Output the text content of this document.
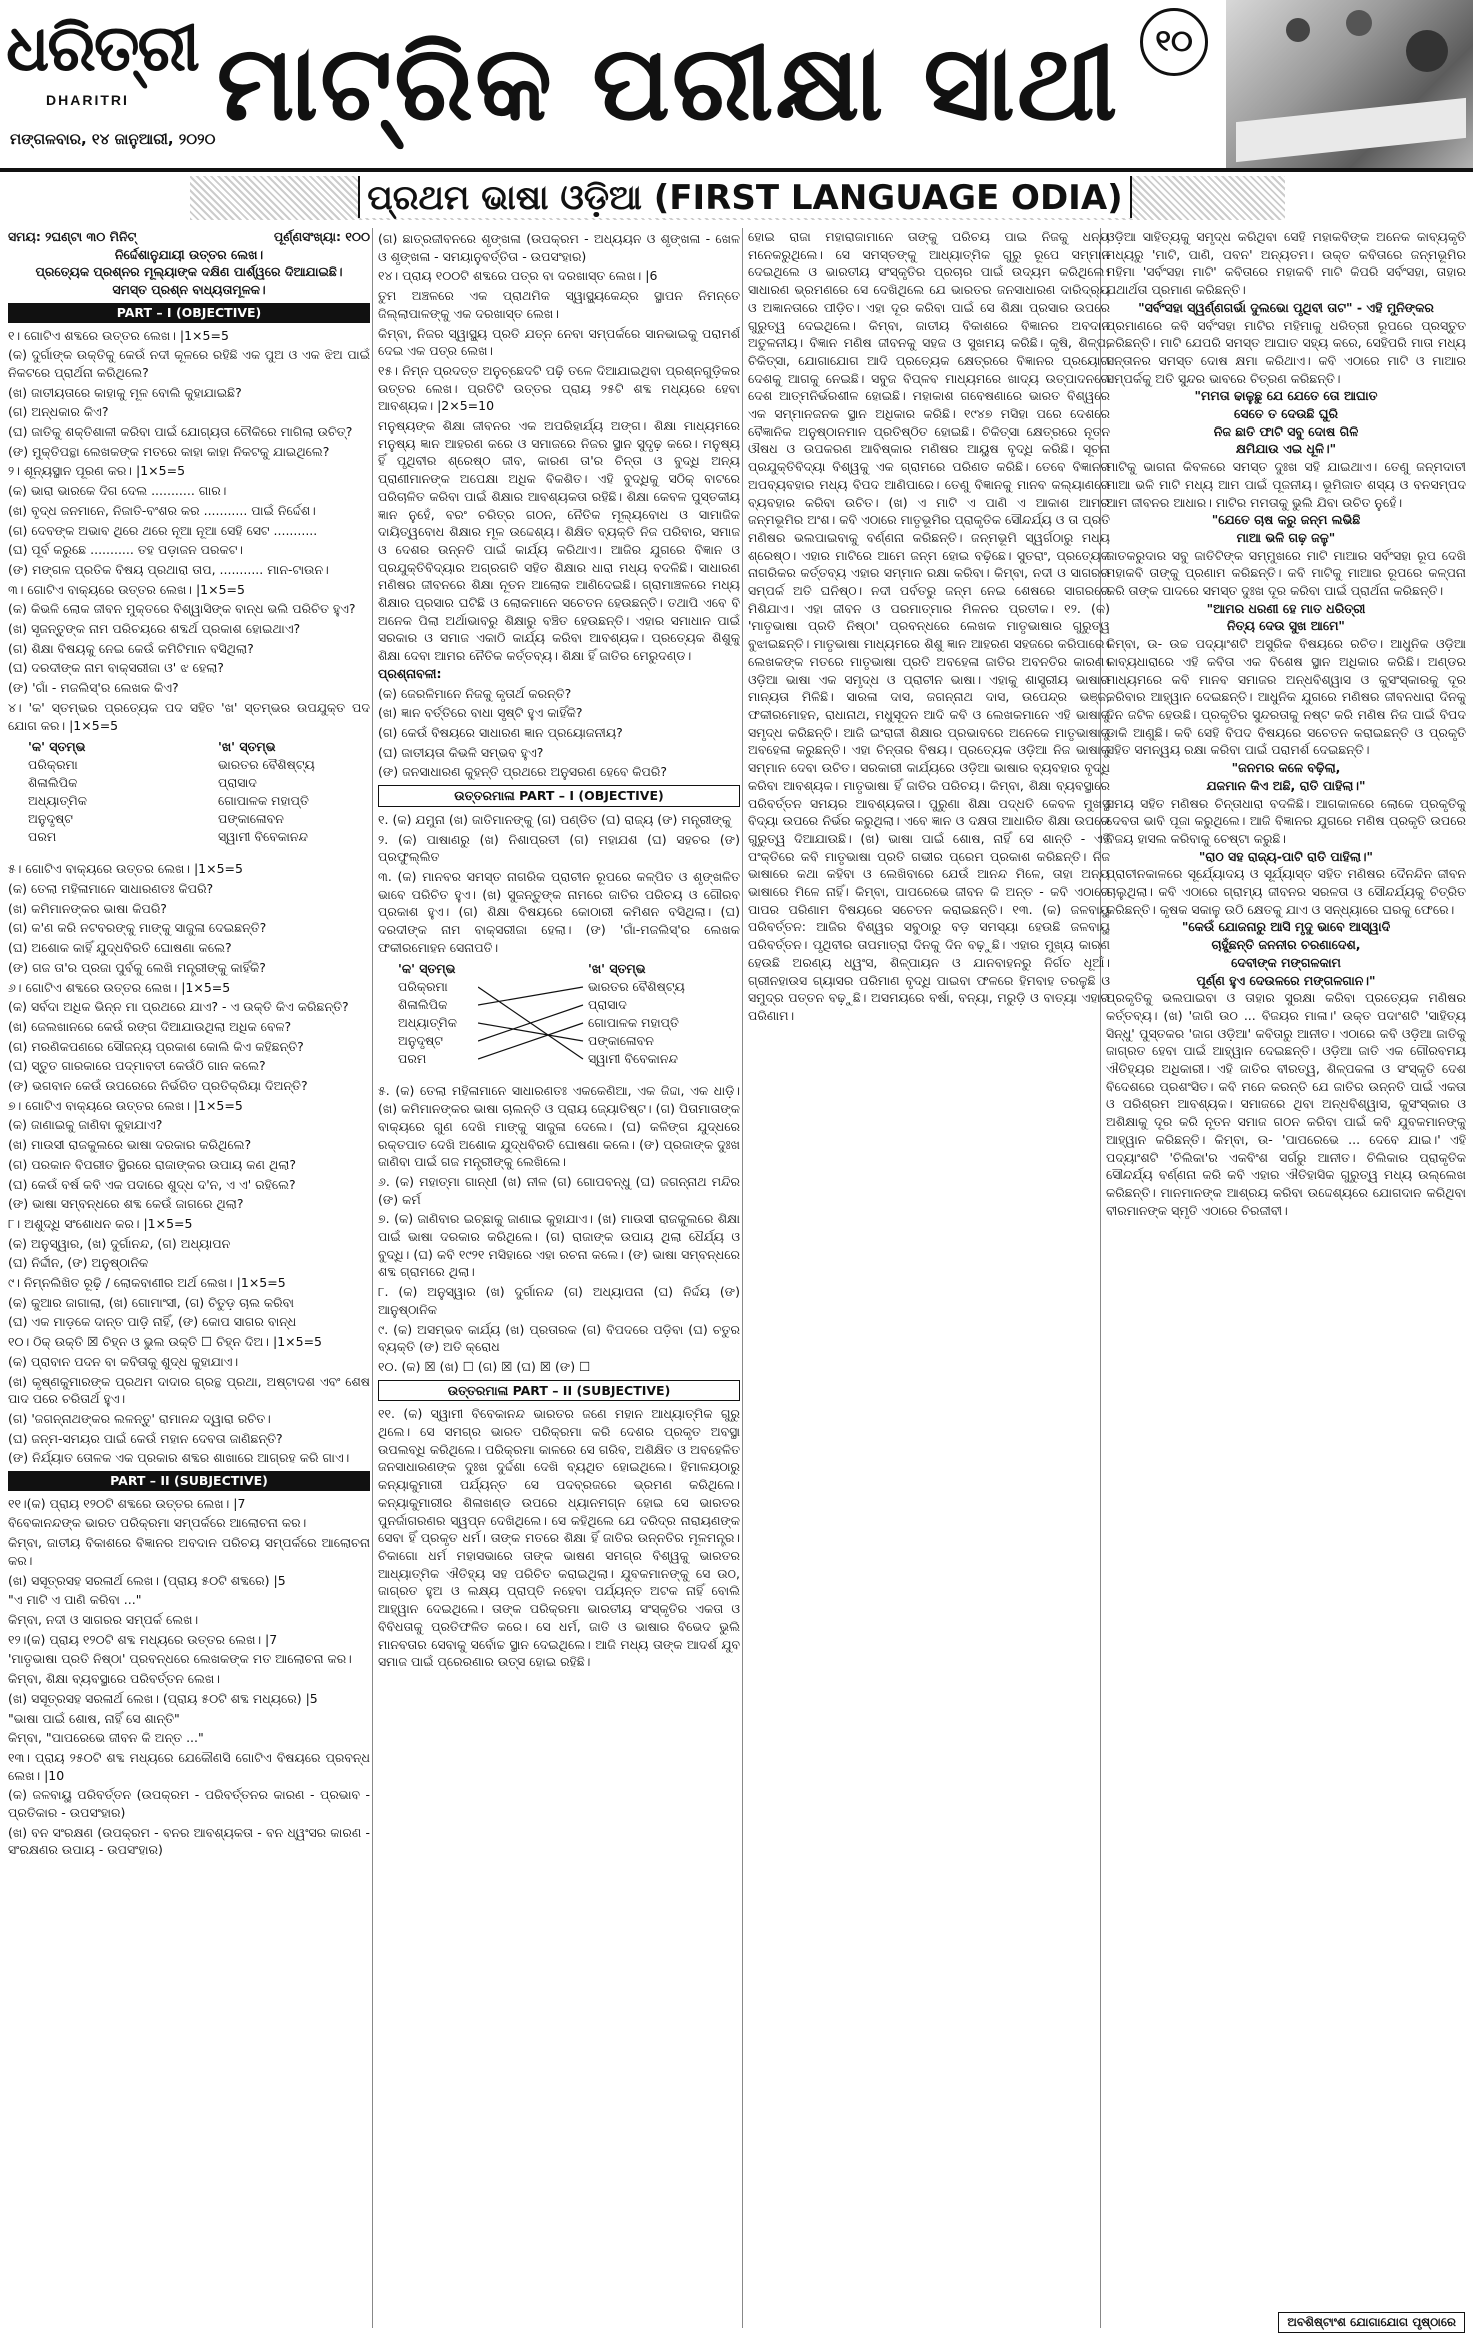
ଧରିତ୍ରୀ
DHARITRI
ମଙ୍ଗଳବାର, ୧୪ ଜାନୁଆରୀ, ୨୦୨୦ ମାଟ୍ରିକ ପରୀକ୍ଷା ସାଥୀ	୧୦
ପ୍ରଥମ ଭାଷା ଓଡ଼ିଆ (FIRST LANGUAGE ODIA)

ସମୟ: ୨ଘଣ୍ଟା ୩୦ ମିନିଟ୍	ପୂର୍ଣ୍ଣସଂଖ୍ୟା: ୧୦୦

ନିର୍ଦ୍ଦେଶାନୁଯାୟୀ ଉତ୍ତର ଲେଖ।

ପ୍ରତ୍ୟେକ ପ୍ରଶ୍ନର ମୂଲ୍ୟାଙ୍କ ଦକ୍ଷିଣ ପାର୍ଶ୍ୱରେ ଦିଆଯାଇଛି।

ସମସ୍ତ ପ୍ରଶ୍ନ ବାଧ୍ୟତାମୂଳକ।

PART – I (OBJECTIVE)

୧। ଗୋଟିଏ ଶବ୍ଦରେ ଉତ୍ତର ଲେଖ। |1×5=5

(କ) ଦୁର୍ଗାଙ୍କ ଉକ୍ତିକୁ କେଉଁ ନଦୀ କୂଳରେ ରହିଛି ଏକ ପୁଅ ଓ ଏକ ଝିଅ ପାଇଁ ନିକଟରେ ପ୍ରାର୍ଥନା କରିଥିଲେ?

(ଖ) ଜାତୀୟତାରେ କାହାକୁ ମୂଳ ବୋଲି କୁହାଯାଇଛି?

(ଗ) ଅନ୍ଧକାର କିଏ?

(ଘ) ଜାତିକୁ ଶକ୍ତିଶାଳୀ କରିବା ପାଇଁ ଯୋଗ୍ୟତା ଚୌକିରେ ମାଗିଲା ଉଚିତ୍?

(ଙ) ମୁକ୍ତିପନ୍ଥା ଲେଖକଙ୍କ ମତରେ କାହା କାହା ନିକଟକୁ ଯାଇଥିଲେ?

୨। ଶୂନ୍ୟସ୍ଥାନ ପୂରଣ କର। |1×5=5

(କ) ଭାରା ଭାରକେ ଦିଗ ଦେଲ ........... ଗାର।

(ଖ) ବୃଦ୍ଧ ଜନମାନେ, ନିଜାତି-ବଂଶର କର ........... ପାଇଁ ନିର୍ଦ୍ଦେଶ।

(ଗ) ଦେବଙ୍କ ଅଭାବ ଥିରେ ଥରେ ନୂଆ ନୂଆ ସେହି ସେଟ ...........

(ଘ) ପୂର୍ବ କରୁଛେ ........... ତହ ପଡ଼ାଜନ ପରକଟ।

(ଙ) ମଙ୍ଗଳ ପ୍ରତିକ ବିଷୟ ପ୍ରଥାରା ତାପ, ........... ମାନ-ଟାଉନ।

୩। ଗୋଟିଏ ବାକ୍ୟରେ ଉତ୍ତର ଲେଖ। |1×5=5

(କ) କିଭଳି ଲୋକ ଜୀବନ ମୁକ୍ତରେ ବିଶ୍ୱାସିଙ୍କ ବାନ୍ଧ ଭଲି ପରିଚିତ ହୁଏ?

(ଖ) ସୃଜନ୍ତୁଙ୍କ ନାମ ପରିଚୟରେ ଶବ୍ଦର୍ଥ ପ୍ରକାଶ ହୋଇଥାଏ?

(ଗ) ଶିକ୍ଷା ବିଷୟକୁ ନେଇ କେଉଁ କମିଟିମାନ ବସିଥିଲା?

(ଘ) ଦରଦୀଙ୍କ ନାମ ବାକ୍ସରୀଜା ଓ' ଝ ହେଲା?

(ଙ) 'ଗାଁ - ମଜଲିସ୍'ର ଲେଖକ କିଏ?

୪। 'କ' ସ୍ତମ୍ଭର ପ୍ରତ୍ୟେକ ପଦ ସହିତ 'ଖ' ସ୍ତମ୍ଭର ଉପଯୁକ୍ତ ପଦ ଯୋଗ କର। |1×5=5

'କ' ସ୍ତମ୍ଭ
ପରିକ୍ରମା
ଶିଳାଲିପିକ
ଅଧ୍ୟାତ୍ମିକ
ଅନୁଦୃଷ୍ଟ
ପରମ
'ଖ' ସ୍ତମ୍ଭ
ଭାରତର ବୈଶିଷ୍ଟ୍ୟ
ପ୍ରାସାଦ
ଗୋପାଳକ ମହାପ୍ତି
ପଙ୍କାଳୋବନ
ସ୍ୱାମୀ ବିବେକାନନ୍ଦ

୫। ଗୋଟିଏ ବାକ୍ୟରେ ଉତ୍ତର ଲେଖ। |1×5=5

(କ) ତେଲା ମହିଳାମାନେ ସାଧାରଣତଃ କିପରି?

(ଖ) କମିମାନଙ୍କର ଭାଷା କିପରି?

(ଗ) କ'ଣ କରି ନଟବରଙ୍କୁ ମାଙ୍କୁ ସାଜୁଳା ଦେଇଛନ୍ତି?

(ଘ) ଅଶୋକ କାହିଁ ଯୁଦ୍ଧବିରତି ଘୋଷଣା କଲେ?

(ଙ) ଗଜ ତା'ର ପ୍ରଜା ପୁର୍ବକୁ ଲେଖି ମନ୍ତ୍ରୀଙ୍କୁ କାହିଁକି?

୬। ଗୋଟିଏ ଶବ୍ଦରେ ଉତ୍ତର ଲେଖ। |1×5=5

(କ) ସର୍ବଦା ଅଧିକ ଭିନ୍ନ ମା ପ୍ରଥରେ ଯାଏ? - ଏ ଉକ୍ତି କିଏ କରିଛନ୍ତି?

(ଖ) ଜେଲଖାନରେ କେଉଁ ରଙ୍ଗ ଦିଆଯାଉଥିଲା ଅଧିକ ବେଳ?

(ଗ) ମରଣିକପଣରେ ସୌଜନ୍ୟ ପ୍ରକାଶ କୋଲି କିଏ କହିଛନ୍ତି?

(ଘ) ସ୍ତୁତ ଗାରକାରେ ପଦ୍ମାବତୀ କେଉଁଠି ଗାନ କଲେ?

(ଙ) ଭଗବାନ କେଉଁ ଉପରେରେ ନିର୍ଭରିତ ପ୍ରତିକ୍ରିୟା ଦିଅନ୍ତି?

୭। ଗୋଟିଏ ବାକ୍ୟରେ ଉତ୍ତର ଲେଖ। |1×5=5

(କ) ଜାଣାଇକୁ ଜାଣିବା କୁହାଯାଏ?

(ଖ) ମାଉସୀ ରାଜକୁଲରେ ଭାଷା ଦରକାର କରିଥିଲେ?

(ଗ) ପରକାନ ବିପରୀତ ସ୍ଥିରରେ ରାଜାଙ୍କର ଉପାୟ କଣ ଥିଲା?

(ଘ) କେଉଁ ବର୍ଷ କବି ଏକ ପଦାରେ ଶୁଦ୍ଧ ଦ'ନ, ଏ ଏ' ରହିଲେ?

(ଙ) ଭାଷା ସମ୍ବନ୍ଧରେ ଶବ୍ଦ କେଉଁ ଜାଗରେ ଥିଲା?

୮। ଅଶୁଦ୍ଧି ସଂଶୋଧନ କର। |1×5=5

(କ) ଅନୁସ୍ୱାର, (ଖ) ଦୁର୍ଗାନନ୍ଦ, (ଗ) ଅଧ୍ୟାପନ

(ଘ) ନିର୍ଦ୍ଦୀନ, (ଙ) ଅନୁଷ୍ଠାନିକ

୯। ନିମ୍ନଲିଖିତ ରୂଢ଼ି / ଲୋକବାଣୀର ଅର୍ଥ ଲେଖ। |1×5=5

(କ) କୁଆର ଜାଗାଲା, (ଖ) ଗୋମାଂସୀ, (ଗ) ଚିତୁଡ଼ ଚାଲ କରିବା

(ଘ) ଏକ ମାଡ଼କେ ଦାନ୍ତ ପାଡ଼ି ନାହିଁ, (ଙ) କୋପ ସାଗର ବାନ୍ଧ

୧୦। ଠିକ୍ ଉକ୍ତି ☒ ଚିହ୍ନ ଓ ଭୁଲ ଉକ୍ତି ☐ ଚିହ୍ନ ଦିଅ। |1×5=5

(କ) ପ୍ରାବାନ ପଦନ ବା କବିତାକୁ ଶୁଦ୍ଧ କୁହାଯାଏ।

(ଖ) କୃଷ୍ଣକୁମାରଙ୍କ ପ୍ରଥମ ଦାଦାର ଗ୍ରନ୍ଥ ପ୍ରଥା, ଅଷ୍ଟାଦଶ ଏବଂ ଶେଷ ପାଦ ପରେ ଚରିତାର୍ଥ ହୁଏ।

(ଗ) 'ଜଗନ୍ନାଥଙ୍କର ଲଳନ୍ତୁ' ରାମାନନ୍ଦ ଦ୍ୱାରା ରଚିତ।

(ଘ) ଜନ୍ମ-ସମୟର ପାଇଁ କେଉଁ ମହାନ ଦେବତା ଜାଣିଛନ୍ତି?

(ଙ) ନିର୍ଯ୍ୟାତ ତୋଳକ ଏକ ପ୍ରକାର ଶବ୍ଦର ଶାଖାରେ ଆଗ୍ରହ କରି ଗାଏ।

PART – II (SUBJECTIVE)

୧୧।(କ) ପ୍ରାୟ ୧୨୦ଟି ଶବ୍ଦରେ ଉତ୍ତର ଲେଖ। |7

ବିବେକାନନ୍ଦଙ୍କ ଭାରତ ପରିକ୍ରମା ସମ୍ପର୍କରେ ଆଲୋଚନା କର।

କିମ୍ବା, ଜାତୀୟ ବିକାଶରେ ବିଜ୍ଞାନର ଅବଦାନ ପରିଚୟ ସମ୍ପର୍କରେ ଆଲୋଚନା କର।

(ଖ) ସସୂତ୍ରସହ ସରଳାର୍ଥ ଲେଖ। (ପ୍ରାୟ ୫୦ଟି ଶବ୍ଦରେ) |5

"ଏ ମାଟି ଏ ପାଣି କରିବା ..."

କିମ୍ବା, ନଦୀ ଓ ସାଗରର ସମ୍ପର୍କ ଲେଖ।

୧୨।(କ) ପ୍ରାୟ ୧୨୦ଟି ଶବ୍ଦ ମଧ୍ୟରେ ଉତ୍ତର ଲେଖ। |7

'ମାତୃଭାଷା ପ୍ରତି ନିଷ୍ଠା' ପ୍ରବନ୍ଧରେ ଲେଖକଙ୍କ ମତ ଆଲୋଚନା କର।

କିମ୍ବା, ଶିକ୍ଷା ବ୍ୟବସ୍ଥାରେ ପରିବର୍ତ୍ତନ ଲେଖ।

(ଖ) ସସୂତ୍ରସହ ସରଳାର୍ଥ ଲେଖ। (ପ୍ରାୟ ୫୦ଟି ଶବ୍ଦ ମଧ୍ୟରେ) |5

"ଭାଷା ପାଇଁ ଶୋଷ, ନାହିଁ ସେ ଶାନ୍ତି"

କିମ୍ବା, "ପାପରେଭେ ଜୀବନ କି ଅନ୍ତ ..."

୧୩। ପ୍ରାୟ ୨୫୦ଟି ଶବ୍ଦ ମଧ୍ୟରେ ଯେକୌଣସି ଗୋଟିଏ ବିଷୟରେ ପ୍ରବନ୍ଧ ଲେଖ। |10

(କ) ଜଳବାୟୁ ପରିବର୍ତ୍ତନ (ଉପକ୍ରମ - ପରିବର୍ତ୍ତନର କାରଣ - ପ୍ରଭାବ - ପ୍ରତିକାର - ଉପସଂହାର)

(ଖ) ବନ ସଂରକ୍ଷଣ (ଉପକ୍ରମ - ବନର ଆବଶ୍ୟକତା - ବନ ଧ୍ୱଂସର କାରଣ - ସଂରକ୍ଷଣର ଉପାୟ - ଉପସଂହାର)

(ଗ) ଛାତ୍ରଜୀବନରେ ଶୃଙ୍ଖଳା (ଉପକ୍ରମ - ଅଧ୍ୟୟନ ଓ ଶୃଙ୍ଖଳା - ଖେଳ ଓ ଶୃଙ୍ଖଳା - ସମୟାନୁବର୍ତ୍ତିତା - ଉପସଂହାର)

୧୪। ପ୍ରାୟ ୧୦୦ଟି ଶବ୍ଦରେ ପତ୍ର ବା ଦରଖାସ୍ତ ଲେଖ। |6

ତୁମ ଅଞ୍ଚଳରେ ଏକ ପ୍ରାଥମିକ ସ୍ୱାସ୍ଥ୍ୟକେନ୍ଦ୍ର ସ୍ଥାପନ ନିମନ୍ତେ ଜିଲ୍ଲାପାଳଙ୍କୁ ଏକ ଦରଖାସ୍ତ ଲେଖ।

କିମ୍ବା, ନିଜର ସ୍ୱାସ୍ଥ୍ୟ ପ୍ରତି ଯତ୍ନ ନେବା ସମ୍ପର୍କରେ ସାନଭାଇକୁ ପରାମର୍ଶ ଦେଇ ଏକ ପତ୍ର ଲେଖ।

୧୫। ନିମ୍ନ ପ୍ରଦତ୍ତ ଅନୁଚ୍ଛେଦଟି ପଢ଼ି ତଳେ ଦିଆଯାଇଥିବା ପ୍ରଶ୍ନଗୁଡ଼ିକର ଉତ୍ତର ଲେଖ। ପ୍ରତିଟି ଉତ୍ତର ପ୍ରାୟ ୨୫ଟି ଶବ୍ଦ ମଧ୍ୟରେ ହେବା ଆବଶ୍ୟକ। |2×5=10

ମନୁଷ୍ୟଙ୍କ ଶିକ୍ଷା ଜୀବନର ଏକ ଅପରିହାର୍ଯ୍ୟ ଅଙ୍ଗ। ଶିକ୍ଷା ମାଧ୍ୟମରେ ମନୁଷ୍ୟ ଜ୍ଞାନ ଆହରଣ କରେ ଓ ସମାଜରେ ନିଜର ସ୍ଥାନ ସୁଦୃଢ଼ କରେ। ମନୁଷ୍ୟ ହିଁ ପୃଥିବୀର ଶ୍ରେଷ୍ଠ ଜୀବ, କାରଣ ତା'ର ଚିନ୍ତା ଓ ବୁଦ୍ଧି ଅନ୍ୟ ପ୍ରାଣୀମାନଙ୍କ ଅପେକ୍ଷା ଅଧିକ ବିକଶିତ। ଏହି ବୁଦ୍ଧିକୁ ସଠିକ୍ ବାଟରେ ପରିଚାଳିତ କରିବା ପାଇଁ ଶିକ୍ଷାର ଆବଶ୍ୟକତା ରହିଛି। ଶିକ୍ଷା କେବଳ ପୁସ୍ତକୀୟ ଜ୍ଞାନ ନୁହେଁ, ବରଂ ଚରିତ୍ର ଗଠନ, ନୈତିକ ମୂଲ୍ୟବୋଧ ଓ ସାମାଜିକ ଦାୟିତ୍ୱବୋଧ ଶିକ୍ଷାର ମୂଳ ଉଦ୍ଦେଶ୍ୟ। ଶିକ୍ଷିତ ବ୍ୟକ୍ତି ନିଜ ପରିବାର, ସମାଜ ଓ ଦେଶର ଉନ୍ନତି ପାଇଁ କାର୍ଯ୍ୟ କରିଥାଏ। ଆଜିର ଯୁଗରେ ବିଜ୍ଞାନ ଓ ପ୍ରଯୁକ୍ତିବିଦ୍ୟାର ଅଗ୍ରଗତି ସହିତ ଶିକ୍ଷାର ଧାରା ମଧ୍ୟ ବଦଳିଛି। ସାଧାରଣ ମଣିଷର ଜୀବନରେ ଶିକ୍ଷା ନୂତନ ଆଲୋକ ଆଣିଦେଇଛି। ଗ୍ରାମାଞ୍ଚଳରେ ମଧ୍ୟ ଶିକ୍ଷାର ପ୍ରସାର ଘଟିଛି ଓ ଲୋକମାନେ ସଚେତନ ହେଉଛନ୍ତି। ତଥାପି ଏବେ ବି ଅନେକ ପିଲା ଅର୍ଥାଭାବରୁ ଶିକ୍ଷାରୁ ବଞ୍ଚିତ ହେଉଛନ୍ତି। ଏହାର ସମାଧାନ ପାଇଁ ସରକାର ଓ ସମାଜ ଏକାଠି କାର୍ଯ୍ୟ କରିବା ଆବଶ୍ୟକ। ପ୍ରତ୍ୟେକ ଶିଶୁକୁ ଶିକ୍ଷା ଦେବା ଆମର ନୈତିକ କର୍ତ୍ତବ୍ୟ। ଶିକ୍ଷା ହିଁ ଜାତିର ମେରୁଦଣ୍ଡ।

ପ୍ରଶ୍ନାବଳୀ:

(କ) ଜେରଳିମାନେ ନିଜକୁ କୃତାର୍ଥ କରନ୍ତି?

(ଖ) ଜ୍ଞାନ ବର୍ତ୍ତିରେ ବାଧା ସୃଷ୍ଟି ହୁଏ କାହିଁକି?

(ଗ) କେଉଁ ବିଷୟରେ ସାଧାରଣ ଜ୍ଞାନ ପ୍ରୟୋଜନୀୟ?

(ଘ) ଜାତୀୟତା କିଭଳି ସମ୍ଭବ ହୁଏ?

(ଙ) ଜନସାଧାରଣ କୁହନ୍ତି ପ୍ରଥରେ ଅନୁସରଣ ହେବେ କିପରି?

ଉତ୍ତରମାଳା PART – I (OBJECTIVE)

୧. (କ) ଯମୁନା (ଖ) ଜାତିମାନଙ୍କୁ (ଗ) ପଣ୍ଡିତ (ଘ) ରାଜ୍ୟ (ଙ) ମନ୍ତ୍ରୀଙ୍କୁ

୨. (କ) ପାଷାଣରୁ (ଖ) ନିଶାପ୍ରତୀ (ଗ) ମହାଯଶ (ଘ) ସହଚର (ଙ) ପ୍ରଫୁଲ୍ଲିତ

୩. (କ) ମାନବର ସମସ୍ତ ନାଗରିକ ପ୍ରାଚୀନ ରୂପରେ କଳ୍ପିତ ଓ ଶୃଙ୍ଖଳିତ ଭାବେ ପରିଚିତ ହୁଏ। (ଖ) ସୁଜନ୍ତୁଙ୍କ ନାମରେ ଜାତିର ପରିଚୟ ଓ ଗୌରବ ପ୍ରକାଶ ହୁଏ। (ଗ) ଶିକ୍ଷା ବିଷୟରେ କୋଠାରୀ କମିଶନ ବସିଥିଲା। (ଘ) ଦରଦୀଙ୍କ ନାମ ବାକ୍ସରୀଜା ହେଲା। (ଙ) 'ଗାଁ-ମଜଲିସ୍'ର ଲେଖକ ଫକୀରମୋହନ ସେନାପତି।

'କ' ସ୍ତମ୍ଭ
ପରିକ୍ରମା
ଶିଳାଲିପିକ
ଅଧ୍ୟାତ୍ମିକ
ଅନୁଦୃଷ୍ଟ
ପରମ
'ଖ' ସ୍ତମ୍ଭ
ଭାରତର ବୈଶିଷ୍ଟ୍ୟ
ପ୍ରାସାଦ
ଗୋପାଳକ ମହାପ୍ତି
ପଙ୍କାଳୋବନ
ସ୍ୱାମୀ ବିବେକାନନ୍ଦ

୫. (କ) ତେଲା ମହିଳାମାନେ ସାଧାରଣତଃ ଏକକେଣିଆ, ଏକ ଜିଦ୍ଦା, ଏକ ଧାଡ଼ି। (ଖ) କମିମାନଙ୍କର ଭାଷା ଚାଲନ୍ତି ଓ ପ୍ରାୟ ଜ୍ୟୋତିଷ୍ଟ। (ଗ) ପିତାମାତାଙ୍କ ବାକ୍ୟରେ ଗୁଣ ଦେଖି ମାଙ୍କୁ ସାଜୁଳା ଦେଲେ। (ଘ) କଳିଙ୍ଗ ଯୁଦ୍ଧରେ ରକ୍ତପାତ ଦେଖି ଅଶୋକ ଯୁଦ୍ଧବିରତି ଘୋଷଣା କଲେ। (ଙ) ପ୍ରଜାଙ୍କ ଦୁଃଖ ଜାଣିବା ପାଇଁ ଗଜ ମନ୍ତ୍ରୀଙ୍କୁ ଲେଖିଲେ।

୬. (କ) ମହାତ୍ମା ଗାନ୍ଧୀ (ଖ) ନୀଳ (ଗ) ଗୋପବନ୍ଧୁ (ଘ) ଜଗନ୍ନାଥ ମନ୍ଦିର (ଙ) କର୍ମ

୭. (କ) ଜାଣିବାର ଇଚ୍ଛାକୁ ଜାଣାଇ କୁହାଯାଏ। (ଖ) ମାଉସୀ ରାଜକୁଲରେ ଶିକ୍ଷା ପାଇଁ ଭାଷା ଦରକାର କରିଥିଲେ। (ଗ) ରାଜାଙ୍କ ଉପାୟ ଥିଲା ଧୈର୍ଯ୍ୟ ଓ ବୁଦ୍ଧି। (ଘ) କବି ୧୯୨୧ ମସିହାରେ ଏହା ରଚନା କଲେ। (ଙ) ଭାଷା ସମ୍ବନ୍ଧରେ ଶବ୍ଦ ଗ୍ରାମରେ ଥିଲା।

୮. (କ) ଅନୁସ୍ୱାର (ଖ) ଦୁର୍ଗାନନ୍ଦ (ଗ) ଅଧ୍ୟାପନା (ଘ) ନିର୍ଦ୍ଦୟ (ଙ) ଆନୁଷ୍ଠାନିକ

୯. (କ) ଅସମ୍ଭବ କାର୍ଯ୍ୟ (ଖ) ପ୍ରତାରକ (ଗ) ବିପଦରେ ପଡ଼ିବା (ଘ) ଚତୁର ବ୍ୟକ୍ତି (ଙ) ଅତି କ୍ରୋଧ

୧୦. (କ) ☒ (ଖ) ☐ (ଗ) ☒ (ଘ) ☒ (ଙ) ☐

ଉତ୍ତରମାଳା PART – II (SUBJECTIVE)

୧୧. (କ) ସ୍ୱାମୀ ବିବେକାନନ୍ଦ ଭାରତର ଜଣେ ମହାନ ଆଧ୍ୟାତ୍ମିକ ଗୁରୁ ଥିଲେ। ସେ ସମଗ୍ର ଭାରତ ପରିକ୍ରମା କରି ଦେଶର ପ୍ରକୃତ ଅବସ୍ଥା ଉପଲବ୍ଧି କରିଥିଲେ। ପରିକ୍ରମା କାଳରେ ସେ ଗରିବ, ଅଶିକ୍ଷିତ ଓ ଅବହେଳିତ ଜନସାଧାରଣଙ୍କ ଦୁଃଖ ଦୁର୍ଦ୍ଦଶା ଦେଖି ବ୍ୟଥିତ ହୋଇଥିଲେ। ହିମାଳୟଠାରୁ କନ୍ୟାକୁମାରୀ ପର୍ଯ୍ୟନ୍ତ ସେ ପଦବ୍ରଜରେ ଭ୍ରମଣ କରିଥିଲେ। କନ୍ୟାକୁମାରୀର ଶିଳାଖଣ୍ଡ ଉପରେ ଧ୍ୟାନମଗ୍ନ ହୋଇ ସେ ଭାରତର ପୁନର୍ଜାଗରଣର ସ୍ୱପ୍ନ ଦେଖିଥିଲେ। ସେ କହିଥିଲେ ଯେ ଦରିଦ୍ର ନାରାୟଣଙ୍କ ସେବା ହିଁ ପ୍ରକୃତ ଧର୍ମ। ତାଙ୍କ ମତରେ ଶିକ୍ଷା ହିଁ ଜାତିର ଉନ୍ନତିର ମୂଳମନ୍ତ୍ର। ଚିକାଗୋ ଧର୍ମ ମହାସଭାରେ ତାଙ୍କ ଭାଷଣ ସମଗ୍ର ବିଶ୍ୱକୁ ଭାରତର ଆଧ୍ୟାତ୍ମିକ ଐତିହ୍ୟ ସହ ପରିଚିତ କରାଇଥିଲା। ଯୁବକମାନଙ୍କୁ ସେ ଉଠ, ଜାଗ୍ରତ ହୁଅ ଓ ଲକ୍ଷ୍ୟ ପ୍ରାପ୍ତି ନହେବା ପର୍ଯ୍ୟନ୍ତ ଅଟକ ନାହିଁ ବୋଲି ଆହ୍ୱାନ ଦେଇଥିଲେ। ତାଙ୍କ ପରିକ୍ରମା ଭାରତୀୟ ସଂସ୍କୃତିର ଏକତା ଓ ବିବିଧତାକୁ ପ୍ରତିଫଳିତ କରେ। ସେ ଧର୍ମ, ଜାତି ଓ ଭାଷାର ବିଭେଦ ଭୁଲି ମାନବତାର ସେବାକୁ ସର୍ବୋଚ୍ଚ ସ୍ଥାନ ଦେଇଥିଲେ। ଆଜି ମଧ୍ୟ ତାଙ୍କ ଆଦର୍ଶ ଯୁବ ସମାଜ ପାଇଁ ପ୍ରେରଣାର ଉତ୍ସ ହୋଇ ରହିଛି।

ହୋଇ ରାଜା ମହାରାଜାମାନେ ତାଙ୍କୁ ପରିଚୟ ପାଇ ନିଜକୁ ଧନ୍ୟ ମନେକରୁଥିଲେ। ସେ ସମସ୍ତଙ୍କୁ ଆଧ୍ୟାତ୍ମିକ ଗୁରୁ ରୂପେ ସମ୍ମାନ ଦେଇଥିଲେ ଓ ଭାରତୀୟ ସଂସ୍କୃତିର ପ୍ରଚାର ପାଇଁ ଉଦ୍ୟମ କରିଥିଲେ। ସାଧାରଣ ଭ୍ରମଣରେ ସେ ଦେଖିଥିଲେ ଯେ ଭାରତର ଜନସାଧାରଣ ଦାରିଦ୍ର୍ୟ ଓ ଅଜ୍ଞାନତାରେ ପୀଡ଼ିତ। ଏହା ଦୂର କରିବା ପାଇଁ ସେ ଶିକ୍ଷା ପ୍ରସାର ଉପରେ ଗୁରୁତ୍ୱ ଦେଇଥିଲେ। କିମ୍ବା, ଜାତୀୟ ବିକାଶରେ ବିଜ୍ଞାନର ଅବଦାନ ଅତୁଳନୀୟ। ବିଜ୍ଞାନ ମଣିଷ ଜୀବନକୁ ସହଜ ଓ ସୁଖମୟ କରିଛି। କୃଷି, ଶିଳ୍ପ, ଚିକିତ୍ସା, ଯୋଗାଯୋଗ ଆଦି ପ୍ରତ୍ୟେକ କ୍ଷେତ୍ରରେ ବିଜ୍ଞାନର ପ୍ରୟୋଗ ଦେଶକୁ ଆଗକୁ ନେଇଛି। ସବୁଜ ବିପ୍ଳବ ମାଧ୍ୟମରେ ଖାଦ୍ୟ ଉତ୍ପାଦନରେ ଦେଶ ଆତ୍ମନିର୍ଭରଶୀଳ ହୋଇଛି। ମହାକାଶ ଗବେଷଣାରେ ଭାରତ ବିଶ୍ୱରେ ଏକ ସମ୍ମାନଜନକ ସ୍ଥାନ ଅଧିକାର କରିଛି। ୧୯୪୭ ମସିହା ପରେ ଦେଶରେ ବୈଜ୍ଞାନିକ ଅନୁଷ୍ଠାନମାନ ପ୍ରତିଷ୍ଠିତ ହୋଇଛି। ଚିକିତ୍ସା କ୍ଷେତ୍ରରେ ନୂତନ ଔଷଧ ଓ ଉପକରଣ ଆବିଷ୍କାର ମଣିଷର ଆୟୁଷ ବୃଦ୍ଧି କରିଛି। ସୂଚନା ପ୍ରଯୁକ୍ତିବିଦ୍ୟା ବିଶ୍ୱକୁ ଏକ ଗ୍ରାମରେ ପରିଣତ କରିଛି। ତେବେ ବିଜ୍ଞାନର ଅପବ୍ୟବହାର ମଧ୍ୟ ବିପଦ ଆଣିପାରେ। ତେଣୁ ବିଜ୍ଞାନକୁ ମାନବ କଲ୍ୟାଣରେ ବ୍ୟବହାର କରିବା ଉଚିତ। (ଖ) ଏ ମାଟି ଏ ପାଣି ଏ ଆକାଶ ଆମର ଜନ୍ମଭୂମିର ଅଂଶ। କବି ଏଠାରେ ମାତୃଭୂମିର ପ୍ରାକୃତିକ ସୌନ୍ଦର୍ଯ୍ୟ ଓ ତା ପ୍ରତି ମଣିଷର ଭଲପାଇବାକୁ ବର୍ଣ୍ଣନା କରିଛନ୍ତି। ଜନ୍ମଭୂମି ସ୍ୱର୍ଗଠାରୁ ମଧ୍ୟ ଶ୍ରେଷ୍ଠ। ଏହାର ମାଟିରେ ଆମେ ଜନ୍ମ ହୋଇ ବଢ଼ିଛେ। ସୁତରାଂ, ପ୍ରତ୍ୟେକ ନାଗରିକର କର୍ତ୍ତବ୍ୟ ଏହାର ସମ୍ମାନ ରକ୍ଷା କରିବା। କିମ୍ବା, ନଦୀ ଓ ସାଗରର ସମ୍ପର୍କ ଅତି ଘନିଷ୍ଠ। ନଦୀ ପର୍ବତରୁ ଜନ୍ମ ନେଇ ଶେଷରେ ସାଗରରେ ମିଶିଯାଏ। ଏହା ଜୀବନ ଓ ପରମାତ୍ମାର ମିଳନର ପ୍ରତୀକ। ୧୨. (କ) 'ମାତୃଭାଷା ପ୍ରତି ନିଷ୍ଠା' ପ୍ରବନ୍ଧରେ ଲେଖକ ମାତୃଭାଷାର ଗୁରୁତ୍ୱ ବୁଝାଇଛନ୍ତି। ମାତୃଭାଷା ମାଧ୍ୟମରେ ଶିଶୁ ଜ୍ଞାନ ଆହରଣ ସହଜରେ କରିପାରେ। ଲେଖକଙ୍କ ମତରେ ମାତୃଭାଷା ପ୍ରତି ଅବହେଳା ଜାତିର ଅବନତିର କାରଣ। ଓଡ଼ିଆ ଭାଷା ଏକ ସମୃଦ୍ଧ ଓ ପ୍ରାଚୀନ ଭାଷା। ଏହାକୁ ଶାସ୍ତ୍ରୀୟ ଭାଷାର ମାନ୍ୟତା ମିଳିଛି। ସାରଳା ଦାସ, ଜଗନ୍ନାଥ ଦାସ, ଉପେନ୍ଦ୍ର ଭଞ୍ଜ, ଫକୀରମୋହନ, ରାଧାନାଥ, ମଧୁସୂଦନ ଆଦି କବି ଓ ଲେଖକମାନେ ଏହି ଭାଷାକୁ ସମୃଦ୍ଧ କରିଛନ୍ତି। ଆଜି ଇଂରାଜୀ ଶିକ୍ଷାର ପ୍ରଭାବରେ ଅନେକେ ମାତୃଭାଷାକୁ ଅବହେଳା କରୁଛନ୍ତି। ଏହା ଚିନ୍ତାର ବିଷୟ। ପ୍ରତ୍ୟେକ ଓଡ଼ିଆ ନିଜ ଭାଷାକୁ ସମ୍ମାନ ଦେବା ଉଚିତ। ସରକାରୀ କାର୍ଯ୍ୟରେ ଓଡ଼ିଆ ଭାଷାର ବ୍ୟବହାର ବୃଦ୍ଧି କରିବା ଆବଶ୍ୟକ। ମାତୃଭାଷା ହିଁ ଜାତିର ପରିଚୟ। କିମ୍ବା, ଶିକ୍ଷା ବ୍ୟବସ୍ଥାରେ ପରିବର୍ତ୍ତନ ସମୟର ଆବଶ୍ୟକତା। ପୁରୁଣା ଶିକ୍ଷା ପଦ୍ଧତି କେବଳ ମୁଖସ୍ଥ ବିଦ୍ୟା ଉପରେ ନିର୍ଭର କରୁଥିଲା। ଏବେ ଜ୍ଞାନ ଓ ଦକ୍ଷତା ଆଧାରିତ ଶିକ୍ଷା ଉପରେ ଗୁରୁତ୍ୱ ଦିଆଯାଉଛି। (ଖ) ଭାଷା ପାଇଁ ଶୋଷ, ନାହିଁ ସେ ଶାନ୍ତି - ଏହି ପଂକ୍ତିରେ କବି ମାତୃଭାଷା ପ୍ରତି ଗଭୀର ପ୍ରେମ ପ୍ରକାଶ କରିଛନ୍ତି। ନିଜ ଭାଷାରେ କଥା କହିବା ଓ ଲେଖିବାରେ ଯେଉଁ ଆନନ୍ଦ ମିଳେ, ତାହା ଅନ୍ୟ ଭାଷାରେ ମିଳେ ନାହିଁ। କିମ୍ବା, ପାପରେଭେ ଜୀବନ କି ଅନ୍ତ - କବି ଏଠାରେ ପାପର ପରିଣାମ ବିଷୟରେ ସଚେତନ କରାଇଛନ୍ତି। ୧୩. (କ) ଜଳବାୟୁ ପରିବର୍ତ୍ତନ: ଆଜିର ବିଶ୍ୱର ସବୁଠାରୁ ବଡ଼ ସମସ୍ୟା ହେଉଛି ଜଳବାୟୁ ପରିବର୍ତ୍ତନ। ପୃଥିବୀର ତାପମାତ୍ରା ଦିନକୁ ଦିନ ବଢ଼ୁଛି। ଏହାର ମୁଖ୍ୟ କାରଣ ହେଉଛି ଅରଣ୍ୟ ଧ୍ୱଂସ, ଶିଳ୍ପାୟନ ଓ ଯାନବାହନରୁ ନିର୍ଗତ ଧୂଆଁ। ଗ୍ରୀନହାଉସ ଗ୍ୟାସର ପରିମାଣ ବୃଦ୍ଧି ପାଇବା ଫଳରେ ହିମବାହ ତରଳୁଛି ଓ ସମୁଦ୍ର ପତ୍ତନ ବଢ଼ୁଛି। ଅସମୟରେ ବର୍ଷା, ବନ୍ୟା, ମରୁଡ଼ି ଓ ବାତ୍ୟା ଏହାର ପରିଣାମ।

ଓଡ଼ିଆ ସାହିତ୍ୟକୁ ସମୃଦ୍ଧ କରିଥିବା ସେହି ମହାକବିଙ୍କ ଅନେକ କାବ୍ୟକୃତି ମଧ୍ୟରୁ 'ମାଟି, ପାଣି, ପବନ' ଅନ୍ୟତମ। ଉକ୍ତ କବିତାରେ ଜନ୍ମଭୂମିର ମହିମା 'ସର୍ବଂସହା ମାଟି' କବିତାରେ ମହାକବି ମାଟି କିପରି ସର୍ବଂସହା, ତାହାର ଯଥାର୍ଥତା ପ୍ରମାଣ କରିଛନ୍ତି।

"ସର୍ବଂସହା ସ୍ୱର୍ଣ୍ଣଗର୍ଭା ଦୁଲଭୋ ପୃଥିବୀ ତାଟ" - ଏହି ମୁନିଙ୍କର

ପ୍ରମାଣରେ କବି ସର୍ବଂସହା ମାଟିର ମହିମାକୁ ଧରିତ୍ରୀ ରୂପରେ ପ୍ରସ୍ତୁତ କରିଛନ୍ତି। ମାଟି ଯେପରି ସମସ୍ତ ଆଘାତ ସହ୍ୟ କରେ, ସେହିପରି ମାତା ମଧ୍ୟ ସନ୍ତାନର ସମସ୍ତ ଦୋଷ କ୍ଷମା କରିଥାଏ। କବି ଏଠାରେ ମାଟି ଓ ମାଆର ସମ୍ପର୍କକୁ ଅତି ସୁନ୍ଦର ଭାବରେ ଚିତ୍ରଣ କରିଛନ୍ତି।

"ମମତା ଢାଳୁଛୁ ଯେ ଯେତେ ତୋ ଆଘାତ

ସେତେ ତ ଦେଉଛି ଘୁରି

ନିଜ ଛାତି ଫାଟି ସବୁ ଦୋଷ ଗିଳି

କ୍ଷମିଯାଉ ଏଇ ଧୂଳି।"

ମାଟିକୁ ଭାଗନା କିବଳରେ ସମସ୍ତ ଦୁଃଖ ସହି ଯାଇଥାଏ। ତେଣୁ ଜନ୍ମଦାତୀ ମାଆ ଭଳି ମାଟି ମଧ୍ୟ ଆମ ପାଇଁ ପୂଜନୀୟ। ଭୂମିଜାତ ଶସ୍ୟ ଓ ବନସମ୍ପଦ ଆମ ଜୀବନର ଆଧାର। ମାଟିର ମମତାକୁ ଭୁଲି ଯିବା ଉଚିତ ନୁହେଁ।

"ଯେତେ ଚାଷ କରୁ ଜନ୍ମ ଲଭିଛି

ମାଆ ଭଳି ଗଢ଼ ଜଳୁ"

ଜାତକରୁଦାର ସବୁ ଜାତିଟିଙ୍କ ସମ୍ମୁଖରେ ମାଟି ମାଆର ସର୍ବଂସହା ରୂପ ଦେଖି ମହାକବି ତାଙ୍କୁ ପ୍ରଣାମ କରିଛନ୍ତି। କବି ମାଟିକୁ ମାଆର ରୂପରେ କଳ୍ପନା କରି ତାଙ୍କ ପାଦରେ ସମସ୍ତ ଦୁଃଖ ଦୂର କରିବା ପାଇଁ ପ୍ରାର୍ଥନା କରିଛନ୍ତି।

"ଆମର ଧରଣୀ ହେ ମାତ ଧରିତ୍ରୀ

ନିତ୍ୟ ଦେଉ ସୁଖ ଆମେ"

କିମ୍ବା, ଉ- ଉଚ୍ଚ ପଦ୍ୟାଂଶଟି ଅସୁରିକ ବିଷୟରେ ରଚିତ। ଆଧୁନିକ ଓଡ଼ିଆ କାବ୍ୟଧାରାରେ ଏହି କବିତା ଏକ ବିଶେଷ ସ୍ଥାନ ଅଧିକାର କରିଛି। ଅଣ୍ଡର ମାଧ୍ୟମରେ କବି ମାନବ ସମାଜର ଅନ୍ଧବିଶ୍ୱାସ ଓ କୁସଂସ୍କାରକୁ ଦୂର କରିବାର ଆହ୍ୱାନ ଦେଇଛନ୍ତି। ଆଧୁନିକ ଯୁଗରେ ମଣିଷର ଜୀବନଧାରା ଦିନକୁ ଦିନ ଜଟିଳ ହେଉଛି। ପ୍ରକୃତିର ସୁନ୍ଦରତାକୁ ନଷ୍ଟ କରି ମଣିଷ ନିଜ ପାଇଁ ବିପଦ ଡାକି ଆଣୁଛି। କବି ସେହି ବିପଦ ବିଷୟରେ ସଚେତନ କରାଇଛନ୍ତି ଓ ପ୍ରକୃତି ସହିତ ସମନ୍ୱୟ ରକ୍ଷା କରିବା ପାଇଁ ପରାମର୍ଶ ଦେଇଛନ୍ତି।

"ଜନମର କଳେ ବଢ଼ିଲା,

ଯଜମାନ କିଏ ଅଛି, ରାତି ପାହିଲା।"

ସମୟ ସହିତ ମଣିଷର ଚିନ୍ତାଧାରା ବଦଳିଛି। ଆଗକାଳରେ ଲୋକେ ପ୍ରକୃତିକୁ ଦେବତା ଭାବି ପୂଜା କରୁଥିଲେ। ଆଜି ବିଜ୍ଞାନର ଯୁଗରେ ମଣିଷ ପ୍ରକୃତି ଉପରେ ବିଜୟ ହାସଲ କରିବାକୁ ଚେଷ୍ଟା କରୁଛି।

"ରାଠ ସହ ରାଜ୍ୟ-ପାଟି ରାତି ପାହିଲା।"

ପ୍ରାଚୀନକାଳରେ ସୂର୍ଯ୍ୟୋଦୟ ଓ ସୂର୍ଯ୍ୟାସ୍ତ ସହିତ ମଣିଷର ଦୈନନ୍ଦିନ ଜୀବନ ଚାଲୁଥିଲା। କବି ଏଠାରେ ଗ୍ରାମ୍ୟ ଜୀବନର ସରଳତା ଓ ସୌନ୍ଦର୍ଯ୍ୟକୁ ଚିତ୍ରିତ କରିଛନ୍ତି। କୃଷକ ସକାଳୁ ଉଠି କ୍ଷେତକୁ ଯାଏ ଓ ସନ୍ଧ୍ୟାରେ ଘରକୁ ଫେରେ।

"କେଉଁ ଯୋଜନାରୁ ଆସି ମୃଦୁ ଭାବେ ଆସ୍ୱାଦି

ଚାହୁଁଛନ୍ତି ଜନନୀର ଚରଣାଦେଶ,

ଦେବୀଙ୍କ ମଙ୍ଗଳକାମ

ପୂର୍ଣ୍ଣ ହୁଏ ଦେଉଳରେ ମଙ୍ଗଳଗାନ।"

ପ୍ରକୃତିକୁ ଭଲପାଇବା ଓ ତାହାର ସୁରକ୍ଷା କରିବା ପ୍ରତ୍ୟେକ ମଣିଷର କର୍ତ୍ତବ୍ୟ। (ଖ) 'ଜାଗି ଉଠ ... ବିଜୟର ମାଳା।' ଉକ୍ତ ପଦାଂଶଟି 'ସାହିତ୍ୟ ସିନ୍ଧୁ' ପୁସ୍ତକର 'ଜାଗ ଓଡ଼ିଆ' କବିତାରୁ ଆନୀତ। ଏଠାରେ କବି ଓଡ଼ିଆ ଜାତିକୁ ଜାଗ୍ରତ ହେବା ପାଇଁ ଆହ୍ୱାନ ଦେଇଛନ୍ତି। ଓଡ଼ିଆ ଜାତି ଏକ ଗୌରବମୟ ଐତିହ୍ୟର ଅଧିକାରୀ। ଏହି ଜାତିର ବୀରତ୍ୱ, ଶିଳ୍ପକଳା ଓ ସଂସ୍କୃତି ଦେଶ ବିଦେଶରେ ପ୍ରଶଂସିତ। କବି ମନେ କରନ୍ତି ଯେ ଜାତିର ଉନ୍ନତି ପାଇଁ ଏକତା ଓ ପରିଶ୍ରମ ଆବଶ୍ୟକ। ସମାଜରେ ଥିବା ଅନ୍ଧବିଶ୍ୱାସ, କୁସଂସ୍କାର ଓ ଅଶିକ୍ଷାକୁ ଦୂର କରି ନୂତନ ସମାଜ ଗଠନ କରିବା ପାଇଁ କବି ଯୁବକମାନଙ୍କୁ ଆହ୍ୱାନ କରିଛନ୍ତି। କିମ୍ବା, ଉ- 'ପାପରେଭେ ... ଦେବେ ଯାଇ।' ଏହି ପଦ୍ୟାଂଶଟି 'ଚିଲିକା'ର ଏକବିଂଶ ସର୍ଗରୁ ଆନୀତ। ଚିଲିକାର ପ୍ରାକୃତିକ ସୌନ୍ଦର୍ଯ୍ୟ ବର୍ଣ୍ଣନା କରି କବି ଏହାର ଐତିହାସିକ ଗୁରୁତ୍ୱ ମଧ୍ୟ ଉଲ୍ଲେଖ କରିଛନ୍ତି। ମାନମାନଙ୍କ ଆଶ୍ରୟ କରିବା ଉଦ୍ଦେଶ୍ୟରେ ଯୋଗଦାନ କରିଥିବା ବୀରମାନଙ୍କ ସ୍ମୃତି ଏଠାରେ ଚିରଜୀବୀ।

ଅବଶିଷ୍ଟାଂଶ ଯୋଗାଯୋଗ ପୃଷ୍ଠାରେ
